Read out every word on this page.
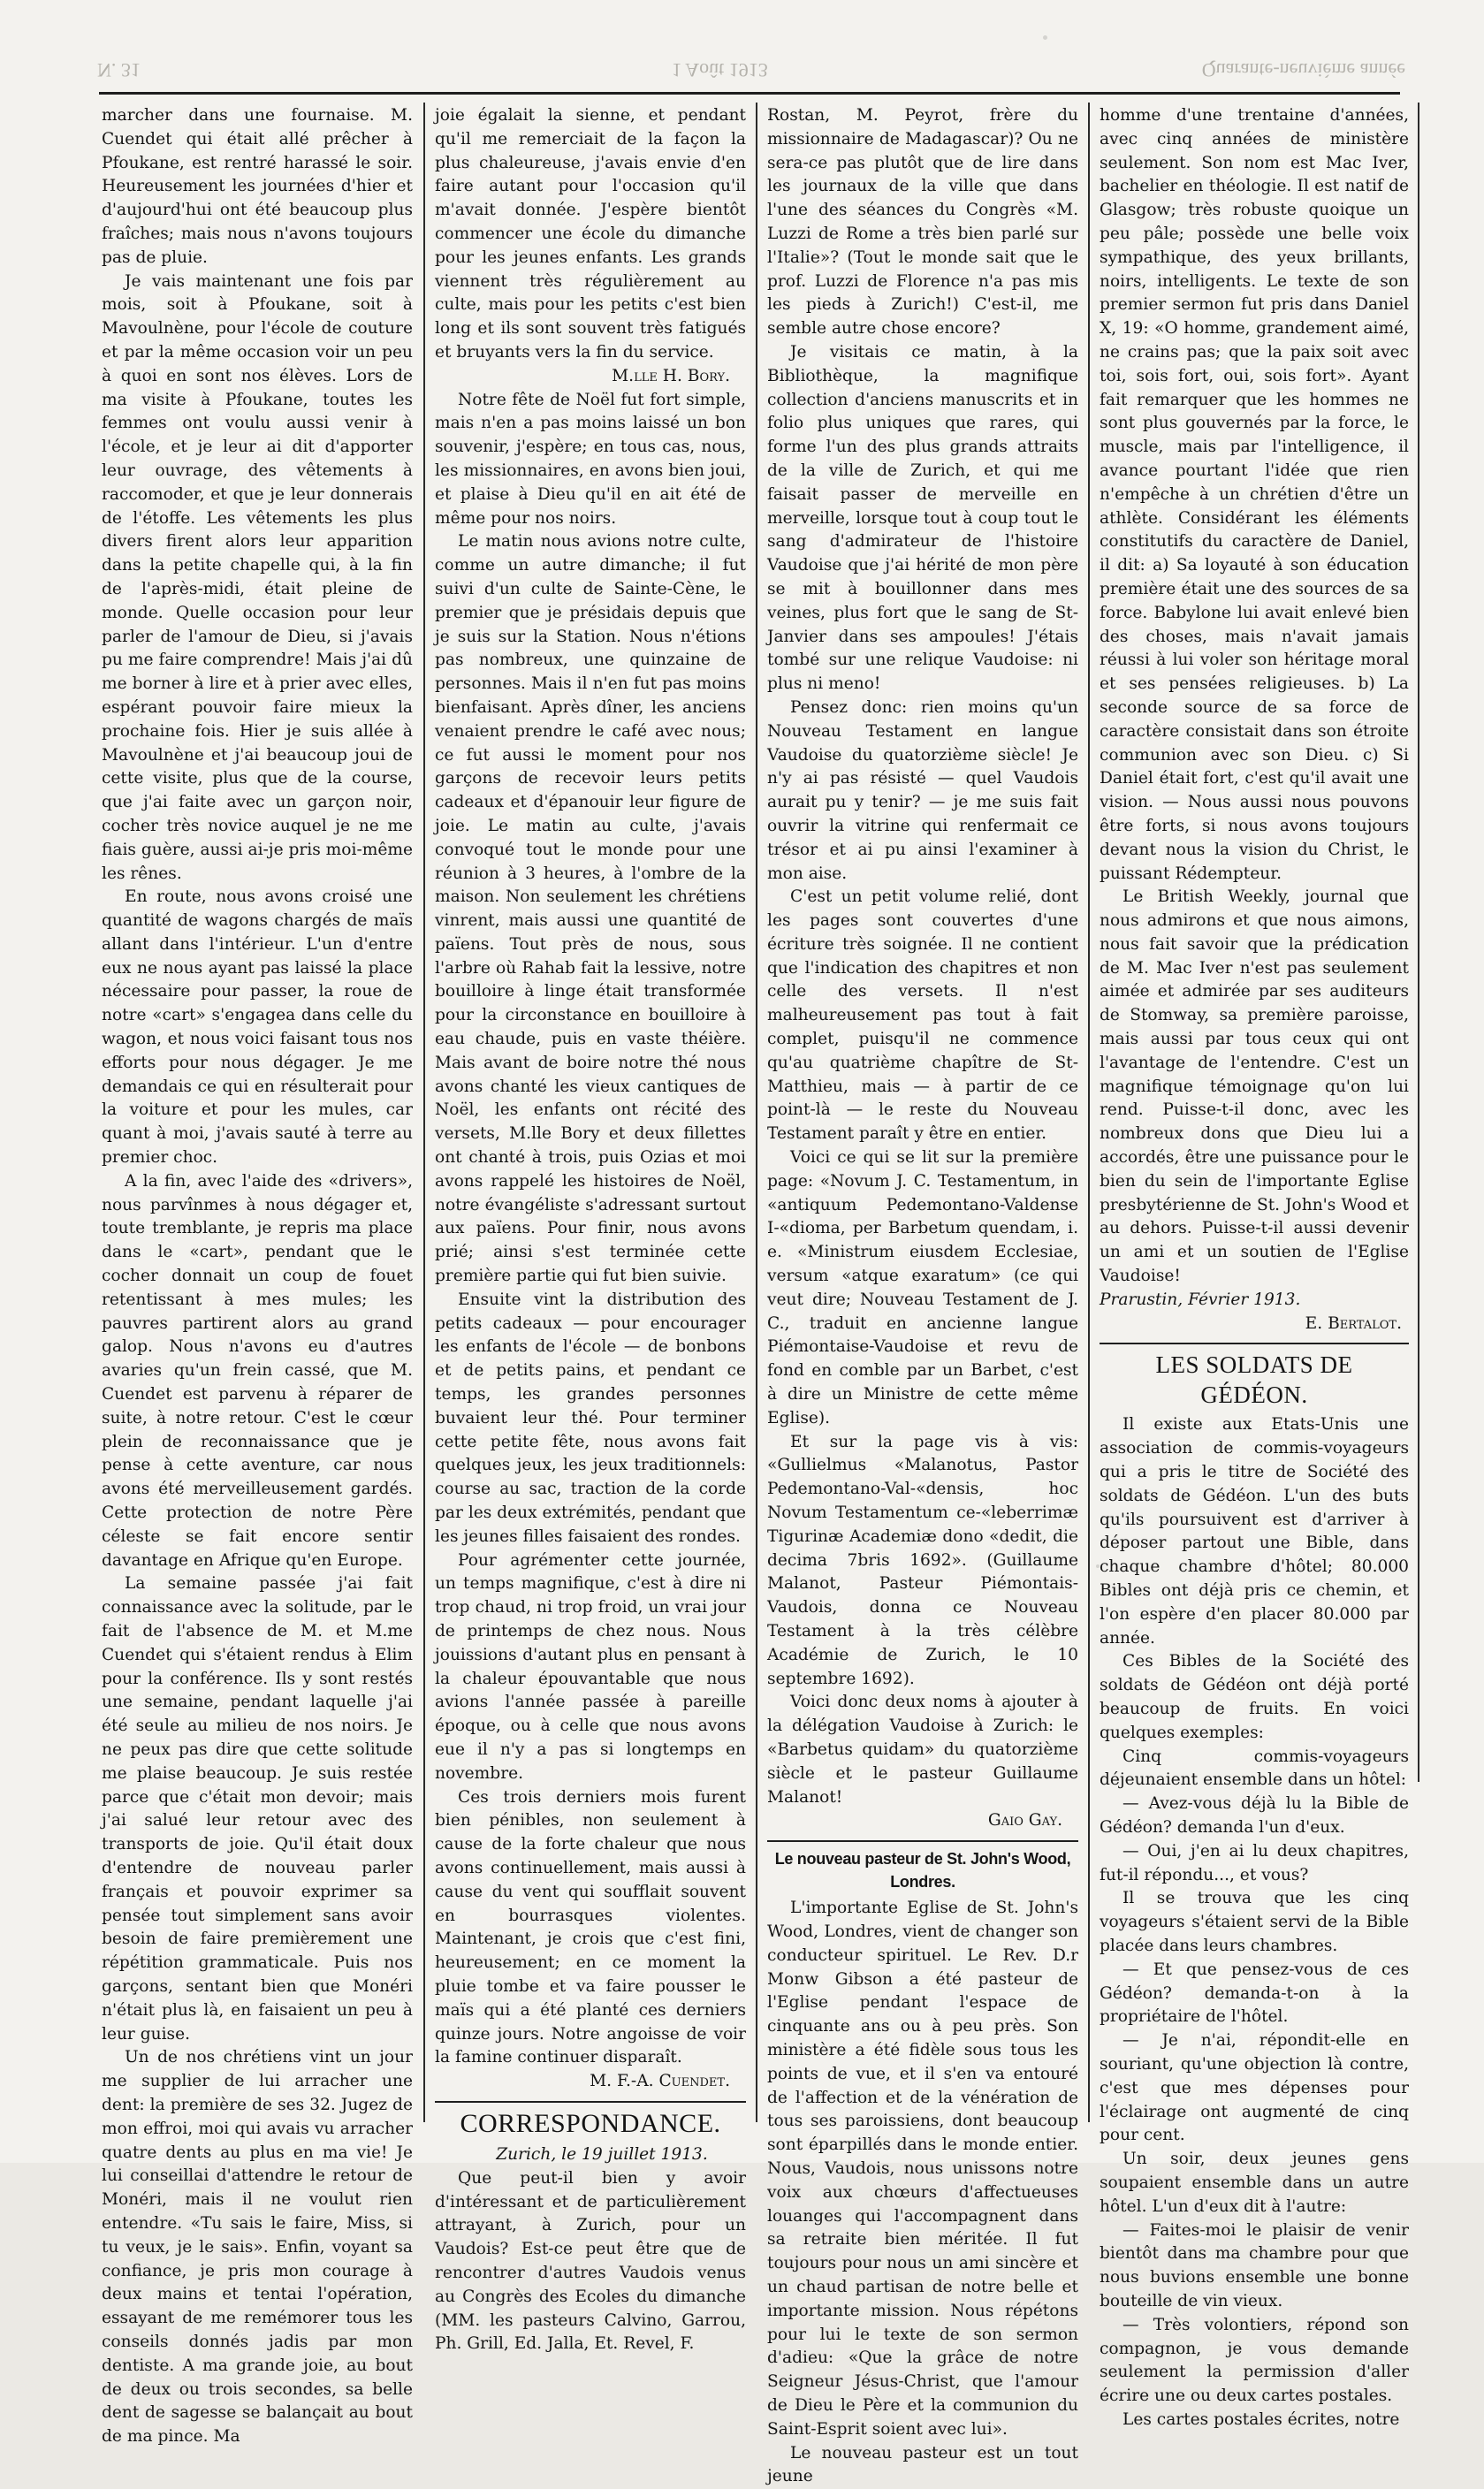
N. 31	1 Août 1913	Quarante-neuvième année

marcher dans une fournaise. M. Cuendet qui était allé prêcher à Pfoukane, est rentré harassé le soir. Heureusement les journées d'hier et d'aujourd'hui ont été beaucoup plus fraîches; mais nous n'avons toujours pas de pluie.

Je vais maintenant une fois par mois, soit à Pfoukane, soit à Mavoulnène, pour l'école de couture et par la même occasion voir un peu à quoi en sont nos élèves. Lors de ma visite à Pfoukane, toutes les femmes ont voulu aussi venir à l'école, et je leur ai dit d'apporter leur ouvrage, des vêtements à raccomoder, et que je leur donnerais de l'étoffe. Les vêtements les plus divers firent alors leur apparition dans la petite chapelle qui, à la fin de l'après-midi, était pleine de monde. Quelle occasion pour leur parler de l'amour de Dieu, si j'avais pu me faire comprendre! Mais j'ai dû me borner à lire et à prier avec elles, espérant pouvoir faire mieux la prochaine fois. Hier je suis allée à Mavoulnène et j'ai beaucoup joui de cette visite, plus que de la course, que j'ai faite avec un garçon noir, cocher très novice auquel je ne me fiais guère, aussi ai-je pris moi-même les rênes.

En route, nous avons croisé une quantité de wagons chargés de maïs allant dans l'intérieur. L'un d'entre eux ne nous ayant pas laissé la place nécessaire pour passer, la roue de notre «cart» s'engagea dans celle du wagon, et nous voici faisant tous nos efforts pour nous dégager. Je me demandais ce qui en résulterait pour la voiture et pour les mules, car quant à moi, j'avais sauté à terre au premier choc.

A la fin, avec l'aide des «drivers», nous parvînmes à nous dégager et, toute tremblante, je repris ma place dans le «cart», pendant que le cocher donnait un coup de fouet retentissant à mes mules; les pauvres partirent alors au grand galop. Nous n'avons eu d'autres avaries qu'un frein cassé, que M. Cuendet est parvenu à réparer de suite, à notre retour. C'est le cœur plein de reconnaissance que je pense à cette aventure, car nous avons été merveilleusement gardés. Cette protection de notre Père céleste se fait encore sentir davantage en Afrique qu'en Europe.

La semaine passée j'ai fait connaissance avec la solitude, par le fait de l'absence de M. et M.me Cuendet qui s'étaient rendus à Elim pour la conférence. Ils y sont restés une semaine, pendant laquelle j'ai été seule au milieu de nos noirs. Je ne peux pas dire que cette solitude me plaise beaucoup. Je suis restée parce que c'était mon devoir; mais j'ai salué leur retour avec des transports de joie. Qu'il était doux d'entendre de nouveau parler français et pouvoir exprimer sa pensée tout simplement sans avoir besoin de faire premièrement une répétition grammaticale. Puis nos garçons, sentant bien que Monéri n'était plus là, en faisaient un peu à leur guise.

Un de nos chrétiens vint un jour me supplier de lui arracher une dent: la première de ses 32. Jugez de mon effroi, moi qui avais vu arracher quatre dents au plus en ma vie! Je lui conseillai d'attendre le retour de Monéri, mais il ne voulut rien entendre. «Tu sais le faire, Miss, si tu veux, je le sais». Enfin, voyant sa confiance, je pris mon courage à deux mains et tentai l'opération, essayant de me remémorer tous les conseils donnés jadis par mon dentiste. A ma grande joie, au bout de deux ou trois secondes, sa belle dent de sagesse se balançait au bout de ma pince. Ma

joie égalait la sienne, et pendant qu'il me remerciait de la façon la plus chaleureuse, j'avais envie d'en faire autant pour l'occasion qu'il m'avait donnée. J'espère bientôt commencer une école du dimanche pour les jeunes enfants. Les grands viennent très régulièrement au culte, mais pour les petits c'est bien long et ils sont souvent très fatigués et bruyants vers la fin du service.

M.lle H. Bory.

Notre fête de Noël fut fort simple, mais n'en a pas moins laissé un bon souvenir, j'espère; en tous cas, nous, les missionnaires, en avons bien joui, et plaise à Dieu qu'il en ait été de même pour nos noirs.

Le matin nous avions notre culte, comme un autre dimanche; il fut suivi d'un culte de Sainte-Cène, le premier que je présidais depuis que je suis sur la Station. Nous n'étions pas nombreux, une quinzaine de personnes. Mais il n'en fut pas moins bienfaisant. Après dîner, les anciens venaient prendre le café avec nous; ce fut aussi le moment pour nos garçons de recevoir leurs petits cadeaux et d'épanouir leur figure de joie. Le matin au culte, j'avais convoqué tout le monde pour une réunion à 3 heures, à l'ombre de la maison. Non seulement les chrétiens vinrent, mais aussi une quantité de païens. Tout près de nous, sous l'arbre où Rahab fait la lessive, notre bouilloire à linge était transformée pour la circonstance en bouilloire à eau chaude, puis en vaste théière. Mais avant de boire notre thé nous avons chanté les vieux cantiques de Noël, les enfants ont récité des versets, M.lle Bory et deux fillettes ont chanté à trois, puis Ozias et moi avons rappelé les histoires de Noël, notre évangéliste s'adressant surtout aux païens. Pour finir, nous avons prié; ainsi s'est terminée cette première partie qui fut bien suivie.

Ensuite vint la distribution des petits cadeaux — pour encourager les enfants de l'école — de bonbons et de petits pains, et pendant ce temps, les grandes personnes buvaient leur thé. Pour terminer cette petite fête, nous avons fait quelques jeux, les jeux traditionnels: course au sac, traction de la corde par les deux extrémités, pendant que les jeunes filles faisaient des rondes.

Pour agrémenter cette journée, un temps magnifique, c'est à dire ni trop chaud, ni trop froid, un vrai jour de printemps de chez nous. Nous jouissions d'autant plus en pensant à la chaleur épouvantable que nous avions l'année passée à pareille époque, ou à celle que nous avons eue il n'y a pas si longtemps en novembre.

Ces trois derniers mois furent bien pénibles, non seulement à cause de la forte chaleur que nous avons continuellement, mais aussi à cause du vent qui soufflait souvent en bourrasques violentes. Maintenant, je crois que c'est fini, heureusement; en ce moment la pluie tombe et va faire pousser le maïs qui a été planté ces derniers quinze jours. Notre angoisse de voir la famine continuer disparaît.

M. F.-A. Cuendet.

CORRESPONDANCE.

Zurich, le 19 juillet 1913.

Que peut-il bien y avoir d'intéressant et de particulièrement attrayant, à Zurich, pour un Vaudois? Est-ce peut être que de rencontrer d'autres Vaudois venus au Congrès des Ecoles du dimanche (MM. les pasteurs Calvino, Garrou, Ph. Grill, Ed. Jalla, Et. Revel, F.

Rostan, M. Peyrot, frère du missionnaire de Madagascar)? Ou ne sera-ce pas plutôt que de lire dans les journaux de la ville que dans l'une des séances du Congrès «M. Luzzi de Rome a très bien parlé sur l'Italie»? (Tout le monde sait que le prof. Luzzi de Florence n'a pas mis les pieds à Zurich!) C'est-il, me semble autre chose encore?

Je visitais ce matin, à la Bibliothèque, la magnifique collection d'anciens manuscrits et in folio plus uniques que rares, qui forme l'un des plus grands attraits de la ville de Zurich, et qui me faisait passer de merveille en merveille, lorsque tout à coup tout le sang d'admirateur de l'histoire Vaudoise que j'ai hérité de mon père se mit à bouillonner dans mes veines, plus fort que le sang de St-Janvier dans ses ampoules! J'étais tombé sur une relique Vaudoise: ni plus ni meno!

Pensez donc: rien moins qu'un Nouveau Testament en langue Vaudoise du quatorzième siècle! Je n'y ai pas résisté — quel Vaudois aurait pu y tenir? — je me suis fait ouvrir la vitrine qui renfermait ce trésor et ai pu ainsi l'examiner à mon aise.

C'est un petit volume relié, dont les pages sont couvertes d'une écriture très soignée. Il ne contient que l'indication des chapitres et non celle des versets. Il n'est malheureusement pas tout à fait complet, puisqu'il ne commence qu'au quatrième chapître de St-Matthieu, mais — à partir de ce point-là — le reste du Nouveau Testament paraît y être en entier.

Voici ce qui se lit sur la première page: «Novum J. C. Testamentum, in «antiquum Pedemontano-Valdense I-«dioma, per Barbetum quendam, i. e. «Ministrum eiusdem Ecclesiae, versum «atque exaratum» (ce qui veut dire; Nouveau Testament de J. C., traduit en ancienne langue Piémontaise-Vaudoise et revu de fond en comble par un Barbet, c'est à dire un Ministre de cette même Eglise).

Et sur la page vis à vis: «Gullielmus «Malanotus, Pastor Pedemontano-Val-«densis, hoc Novum Testamentum ce-«leberrimæ Tigurinæ Academiæ dono «dedit, die decima 7bris 1692». (Guillaume Malanot, Pasteur Piémontais-Vaudois, donna ce Nouveau Testament à la très célèbre Académie de Zurich, le 10 septembre 1692).

Voici donc deux noms à ajouter à la délégation Vaudoise à Zurich: le «Barbetus quidam» du quatorzième siècle et le pasteur Guillaume Malanot!

Gaio Gay.

Le nouveau pasteur de St. John's Wood, Londres.

L'importante Eglise de St. John's Wood, Londres, vient de changer son conducteur spirituel. Le Rev. D.r Monw Gibson a été pasteur de l'Eglise pendant l'espace de cinquante ans ou à peu près. Son ministère a été fidèle sous tous les points de vue, et il s'en va entouré de l'affection et de la vénération de tous ses paroissiens, dont beaucoup sont éparpillés dans le monde entier. Nous, Vaudois, nous unissons notre voix aux chœurs d'affectueuses louanges qui l'accompagnent dans sa retraite bien méritée. Il fut toujours pour nous un ami sincère et un chaud partisan de notre belle et importante mission. Nous répétons pour lui le texte de son sermon d'adieu: «Que la grâce de notre Seigneur Jésus-Christ, que l'amour de Dieu le Père et la communion du Saint-Esprit soient avec lui».

Le nouveau pasteur est un tout jeune

homme d'une trentaine d'années, avec cinq années de ministère seulement. Son nom est Mac Iver, bachelier en théologie. Il est natif de Glasgow; très robuste quoique un peu pâle; possède une belle voix sympathique, des yeux brillants, noirs, intelligents. Le texte de son premier sermon fut pris dans Daniel X, 19: «O homme, grandement aimé, ne crains pas; que la paix soit avec toi, sois fort, oui, sois fort». Ayant fait remarquer que les hommes ne sont plus gouvernés par la force, le muscle, mais par l'intelligence, il avance pourtant l'idée que rien n'empêche à un chrétien d'être un athlète. Considérant les éléments constitutifs du caractère de Daniel, il dit: a) Sa loyauté à son éducation première était une des sources de sa force. Babylone lui avait enlevé bien des choses, mais n'avait jamais réussi à lui voler son héritage moral et ses pensées religieuses. b) La seconde source de sa force de caractère consistait dans son étroite communion avec son Dieu. c) Si Daniel était fort, c'est qu'il avait une vision. — Nous aussi nous pouvons être forts, si nous avons toujours devant nous la vision du Christ, le puissant Rédempteur.

Le British Weekly, journal que nous admirons et que nous aimons, nous fait savoir que la prédication de M. Mac Iver n'est pas seulement aimée et admirée par ses auditeurs de Stomway, sa première paroisse, mais aussi par tous ceux qui ont l'avantage de l'entendre. C'est un magnifique témoignage qu'on lui rend. Puisse-t-il donc, avec les nombreux dons que Dieu lui a accordés, être une puissance pour le bien du sein de l'importante Eglise presbytérienne de St. John's Wood et au dehors. Puisse-t-il aussi devenir un ami et un soutien de l'Eglise Vaudoise!

Prarustin, Février 1913.

E. Bertalot.

LES SOLDATS DE GÉDÉON.

Il existe aux Etats-Unis une association de commis-voyageurs qui a pris le titre de Société des soldats de Gédéon. L'un des buts qu'ils poursuivent est d'arriver à déposer partout une Bible, dans chaque chambre d'hôtel; 80.000 Bibles ont déjà pris ce chemin, et l'on espère d'en placer 80.000 par année.

Ces Bibles de la Société des soldats de Gédéon ont déjà porté beaucoup de fruits. En voici quelques exemples:

Cinq commis-voyageurs déjeunaient ensemble dans un hôtel:

— Avez-vous déjà lu la Bible de Gédéon? demanda l'un d'eux.

— Oui, j'en ai lu deux chapitres, fut-il répondu..., et vous?

Il se trouva que les cinq voyageurs s'étaient servi de la Bible placée dans leurs chambres.

— Et que pensez-vous de ces Gédéon? demanda-t-on à la propriétaire de l'hôtel.

— Je n'ai, répondit-elle en souriant, qu'une objection là contre, c'est que mes dépenses pour l'éclairage ont augmenté de cinq pour cent.

Un soir, deux jeunes gens soupaient ensemble dans un autre hôtel. L'un d'eux dit à l'autre:

— Faites-moi le plaisir de venir bientôt dans ma chambre pour que nous buvions ensemble une bonne bouteille de vin vieux.

— Très volontiers, répond son compagnon, je vous demande seulement la permission d'aller écrire une ou deux cartes postales.

Les cartes postales écrites, notre
